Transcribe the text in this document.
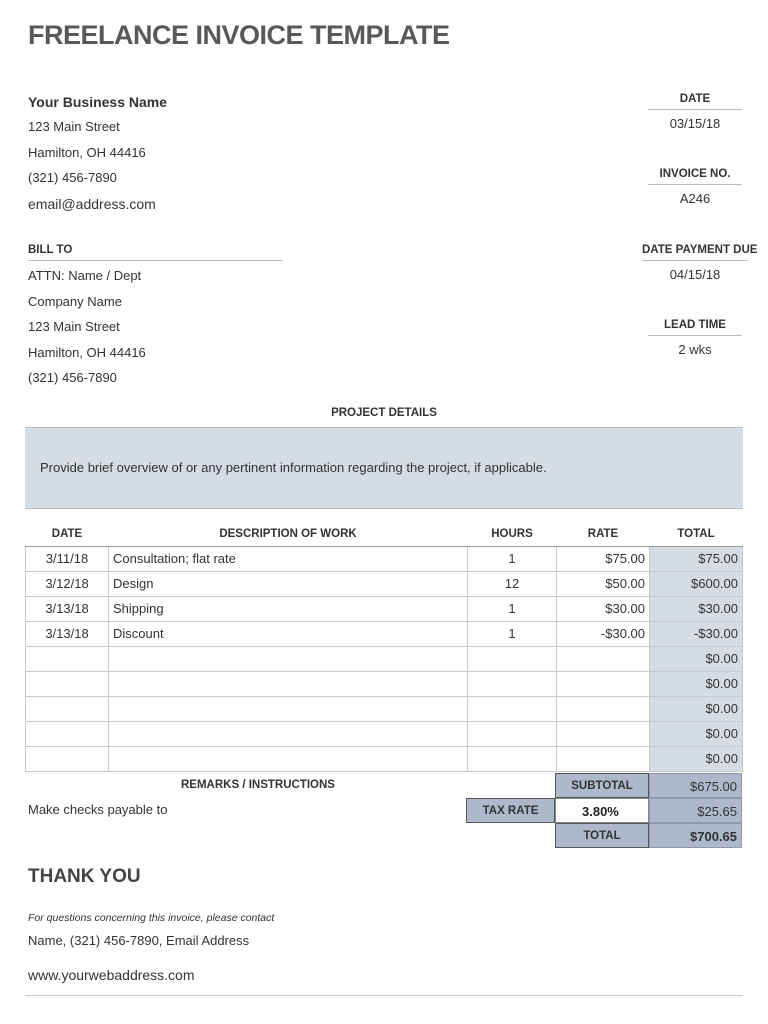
FREELANCE INVOICE TEMPLATE
Your Business Name
123 Main Street
Hamilton, OH 44416
(321) 456-7890
email@address.com
DATE
03/15/18
INVOICE NO.
A246
DATE PAYMENT DUE
04/15/18
LEAD TIME
2 wks
BILL TO
ATTN: Name / Dept
Company Name
123 Main Street
Hamilton, OH 44416
(321) 456-7890
PROJECT DETAILS
Provide brief overview of or any pertinent information regarding the project, if applicable.
DATE	DESCRIPTION OF WORK	HOURS	RATE	TOTAL
3/11/18	Consultation; flat rate	1	$75.00	$75.00
3/12/18	Design	12	$50.00	$600.00
3/13/18	Shipping	1	$30.00	$30.00
3/13/18	Discount	1	-$30.00	-$30.00
				$0.00
				$0.00
				$0.00
				$0.00
				$0.00
REMARKS / INSTRUCTIONS
Make checks payable to
SUBTOTAL	$675.00
TAX RATE	3.80%	$25.65
TOTAL	$700.65
THANK YOU
For questions concerning this invoice, please contact
Name, (321) 456-7890, Email Address
www.yourwebaddress.com
